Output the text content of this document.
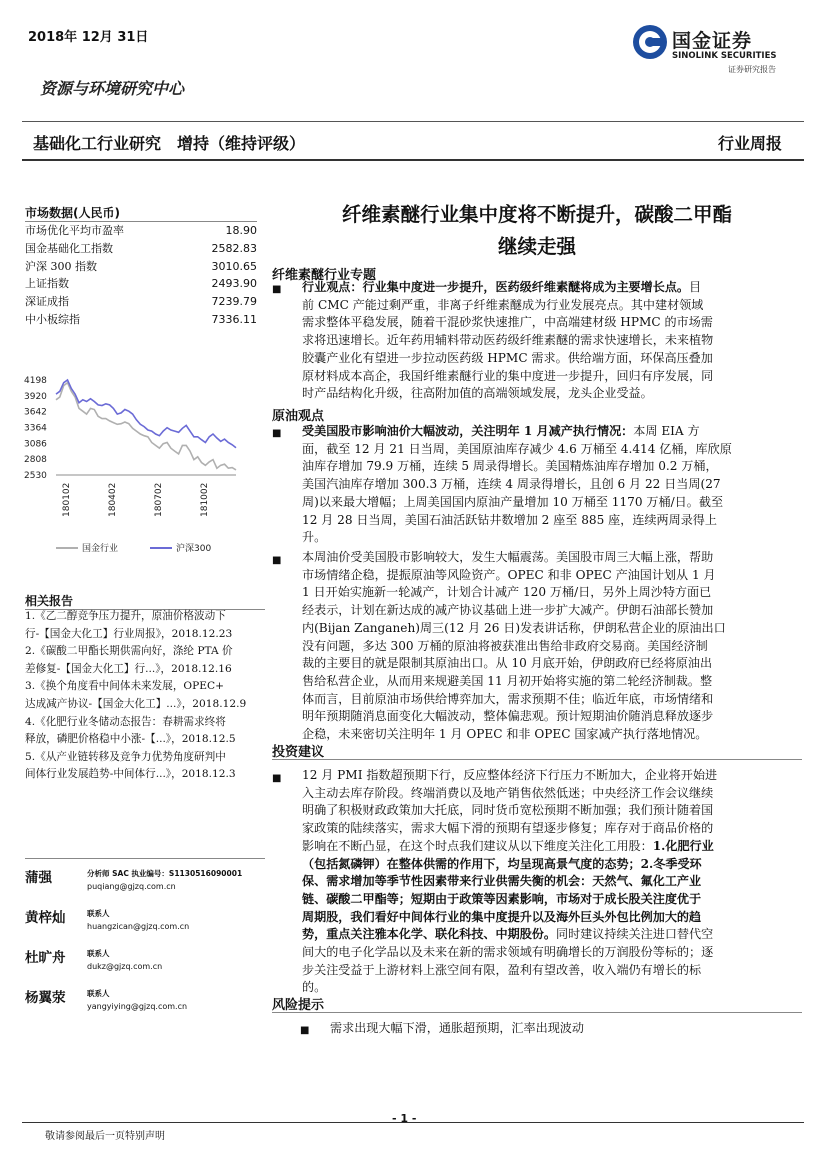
2018年 12月 31日	国金证券
SINOLINK SECURITIES
证券研究报告
资源与环境研究中心
基础化工行业研究　增持（维持评级）	行业周报
市场数据(人民币)
市场优化平均市盈率	18.90
国金基础化工指数	2582.83
沪深 300 指数	3010.65
上证指数	2493.90
深证成指	7239.79
中小板综指	7336.11
4198
3920
3642
3364
3086
2808
2530
180102	180402	180702	181002
国金行业	沪深300
相关报告
1.《乙二醇竞争压力提升，原油价格波动下
行-【国金大化工】行业周报》，2018.12.23
2.《碳酸二甲酯长期供需向好，涤纶 PTA 价
差修复-【国金大化工】行...》，2018.12.16
3.《换个角度看中间体未来发展，OPEC+
达成减产协议-【国金大化工】...》，2018.12.9
4.《化肥行业冬储动态报告：春耕需求终将
释放，磷肥价格稳中小涨-【...》，2018.12.5
5.《从产业链转移及竞争力优势角度研判中
间体行业发展趋势-中间体行...》，2018.12.3
蒲强	分析师 SAC 执业编号：S1130516090001
puqiang@gjzq.com.cn
黄梓灿	联系人
huangzican@gjzq.com.cn
杜旷舟	联系人
dukz@gjzq.com.cn
杨翼荥	联系人
yangyiying@gjzq.com.cn
纤维素醚行业集中度将不断提升，碳酸二甲酯
继续走强
纤维素醚行业专题
■ 行业观点：行业集中度进一步提升，医药级纤维素醚将成为主要增长点。目
前 CMC 产能过剩严重，非离子纤维素醚成为行业发展亮点。其中建材领域
需求整体平稳发展，随着干混砂浆快速推广，中高端建材级 HPMC 的市场需
求将迅速增长。近年药用辅料带动医药级纤维素醚的需求快速增长，未来植物
胶囊产业化有望进一步拉动医药级 HPMC 需求。供给端方面，环保高压叠加
原材料成本高企，我国纤维素醚行业的集中度进一步提升，回归有序发展，同
时产品结构化升级，往高附加值的高端领域发展，龙头企业受益。
原油观点
■ 受美国股市影响油价大幅波动，关注明年 1 月减产执行情况：本周 EIA 方
面，截至 12 月 21 日当周，美国原油库存减少 4.6 万桶至 4.414 亿桶，库欣原
油库存增加 79.9 万桶，连续 5 周录得增长。美国精炼油库存增加 0.2 万桶，
美国汽油库存增加 300.3 万桶，连续 4 周录得增长，且创 6 月 22 日当周(27
周)以来最大增幅；上周美国国内原油产量增加 10 万桶至 1170 万桶/日。截至
12 月 28 日当周，美国石油活跃钻井数增加 2 座至 885 座，连续两周录得上
升。
■ 本周油价受美国股市影响较大，发生大幅震荡。美国股市周三大幅上涨，帮助
市场情绪企稳，提振原油等风险资产。OPEC 和非 OPEC 产油国计划从 1 月
1 日开始实施新一轮减产，计划合计减产 120 万桶/日，另外上周沙特方面已
经表示，计划在新达成的减产协议基础上进一步扩大减产。伊朗石油部长赞加
内(Bijan Zanganeh)周三(12 月 26 日)发表讲话称，伊朗私营企业的原油出口
没有问题，多达 300 万桶的原油将被获准出售给非政府交易商。美国经济制
裁的主要目的就是限制其原油出口。从 10 月底开始，伊朗政府已经将原油出
售给私营企业，从而用来规避美国 11 月初开始将实施的第二轮经济制裁。整
体而言，目前原油市场供给博弈加大，需求预期不佳；临近年底，市场情绪和
明年预期随消息面变化大幅波动，整体偏悲观。预计短期油价随消息释放逐步
企稳，未来密切关注明年 1 月 OPEC 和非 OPEC 国家减产执行落地情况。
投资建议
■ 12 月 PMI 指数超预期下行，反应整体经济下行压力不断加大，企业将开始进
入主动去库存阶段。终端消费以及地产销售依然低迷；中央经济工作会议继续
明确了积极财政政策加大托底，同时货币宽松预期不断加强；我们预计随着国
家政策的陆续落实，需求大幅下滑的预期有望逐步修复；库存对于商品价格的
影响在不断凸显，在这个时点我们建议从以下维度关注化工用股：1.化肥行业
（包括氮磷钾）在整体供需的作用下，均呈现高景气度的态势；2.冬季受环
保、需求增加等季节性因素带来行业供需失衡的机会：天然气、氟化工产业
链、碳酸二甲酯等；短期由于政策等因素影响，市场对于成长股关注度优于
周期股，我们看好中间体行业的集中度提升以及海外巨头外包比例加大的趋
势，重点关注雅本化学、联化科技、中期股份。同时建议持续关注进口替代空
间大的电子化学品以及未来在新的需求领域有明确增长的万润股份等标的；逐
步关注受益于上游材料上涨空间有限，盈利有望改善，收入端仍有增长的标
的。
风险提示
■ 需求出现大幅下滑，通胀超预期，汇率出现波动
- 1 -
敬请参阅最后一页特别声明
